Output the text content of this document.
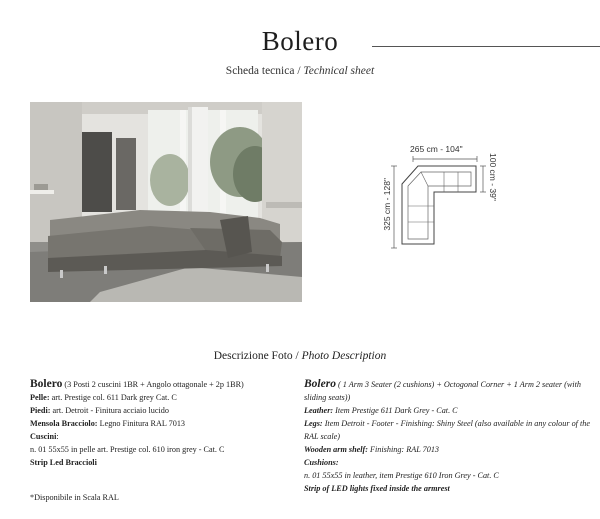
Bolero
Scheda tecnica / Technical sheet
265 cm - 104"
100 cm - 39"
325 cm - 128"
Descrizione Foto / Photo Description
Bolero (3 Posti 2 cuscini 1BR + Angolo ottagonale + 2p 1BR)
Pelle: art. Prestige col. 611 Dark grey Cat. C
Piedi: art. Detroit - Finitura acciaio lucido
Mensola Bracciolo: Legno Finitura RAL 7013
Cuscini:
n. 01 55x55 in pelle art. Prestige col. 610 iron grey - Cat. C
Strip Led Braccioli
*Disponibile in Scala RAL
Bolero ( 1 Arm 3 Seater (2 cushions) + Octogonal Corner + 1 Arm 2 seater (with sliding seats))
Leather: Item Prestige 611 Dark Grey - Cat. C
Legs: Item Detroit - Footer - Finishing: Shiny Steel (also available in any colour of the RAL scale)
Wooden arm shelf: Finishing: RAL 7013
Cushions:
n. 01 55x55 in leather, item Prestige 610 Iron Grey - Cat. C
Strip of LED lights fixed inside the armrest
